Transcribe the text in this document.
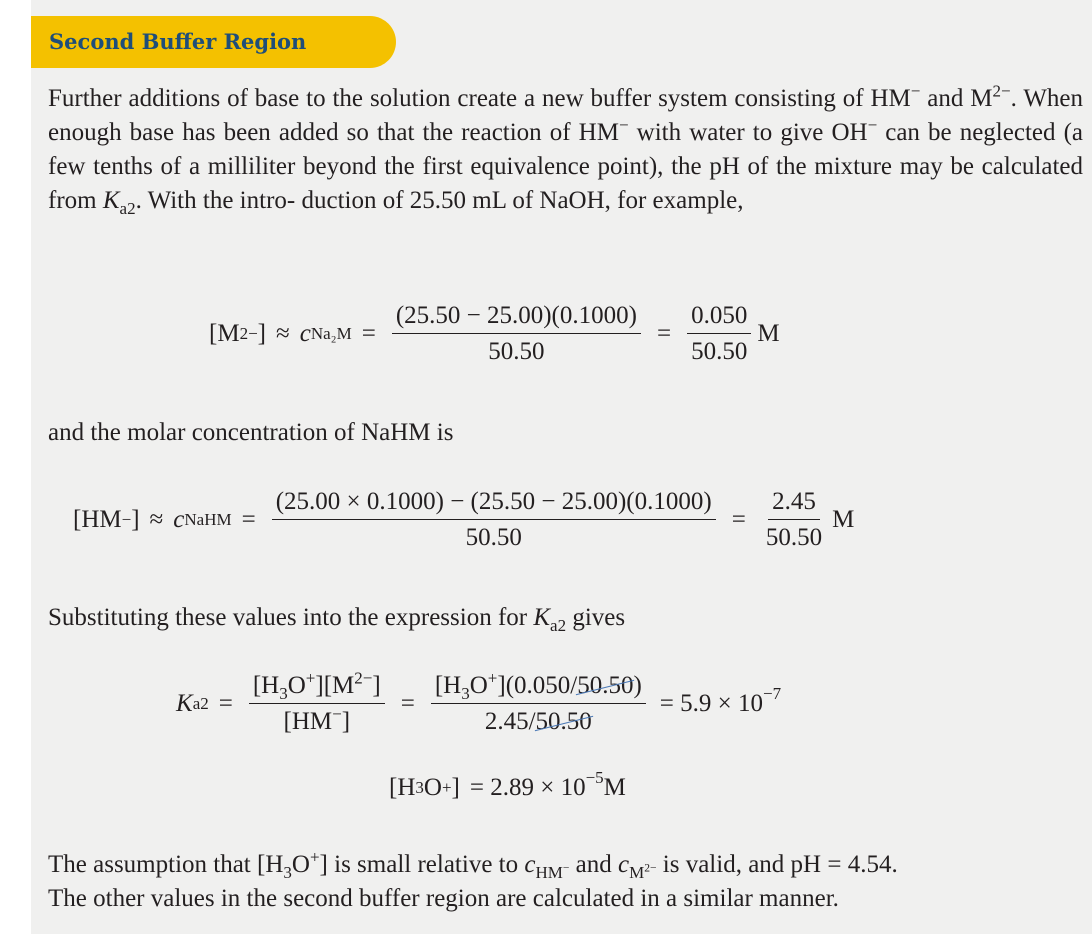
Second Buffer Region
Further additions of base to the solution create a new buffer system consisting of HM− and $M^{2-}$. When enough base has been added so that the reaction of HM− with water to give OH− can be neglected (a few tenths of a milliliter beyond the first equivalence point), the pH of the mixture may be calculated from $K_{a2}$. With the intro- duction of 25.50 mL of NaOH, for example,
[M 2− ] ≈ c $Na_2M = \frac{(25.50 - 25.00)(0.1000)}{50.50} = \frac{0.050}{50.50}$ M
and the molar concentration of NaHM is
[HM − ] ≈ c NaHM = $\frac{(25.00 \times 0.1000) - (25.50 - 25.00)(0.1000)}{50.50} = \frac{2.45}{50.50}$ M
Substituting these values into the expression for $K_{a2}$ gives
K $a2 = \frac{[H_3O^+][M^{2-}]}{[HM^-]} = \frac{[H_3O^+](0.050/50.50)}{2.45/50.50} = 5.9 \times 10^{-7}$
[H 3 O + ] = $2.89 \times 10^{-5}$ M
The assumption that $[H_3O^+]$ is small relative to $c_{HM^-}$ and $c_{M^{2-}}$ is valid, and pH = 4.54.
The other values in the second buffer region are calculated in a similar manner.
